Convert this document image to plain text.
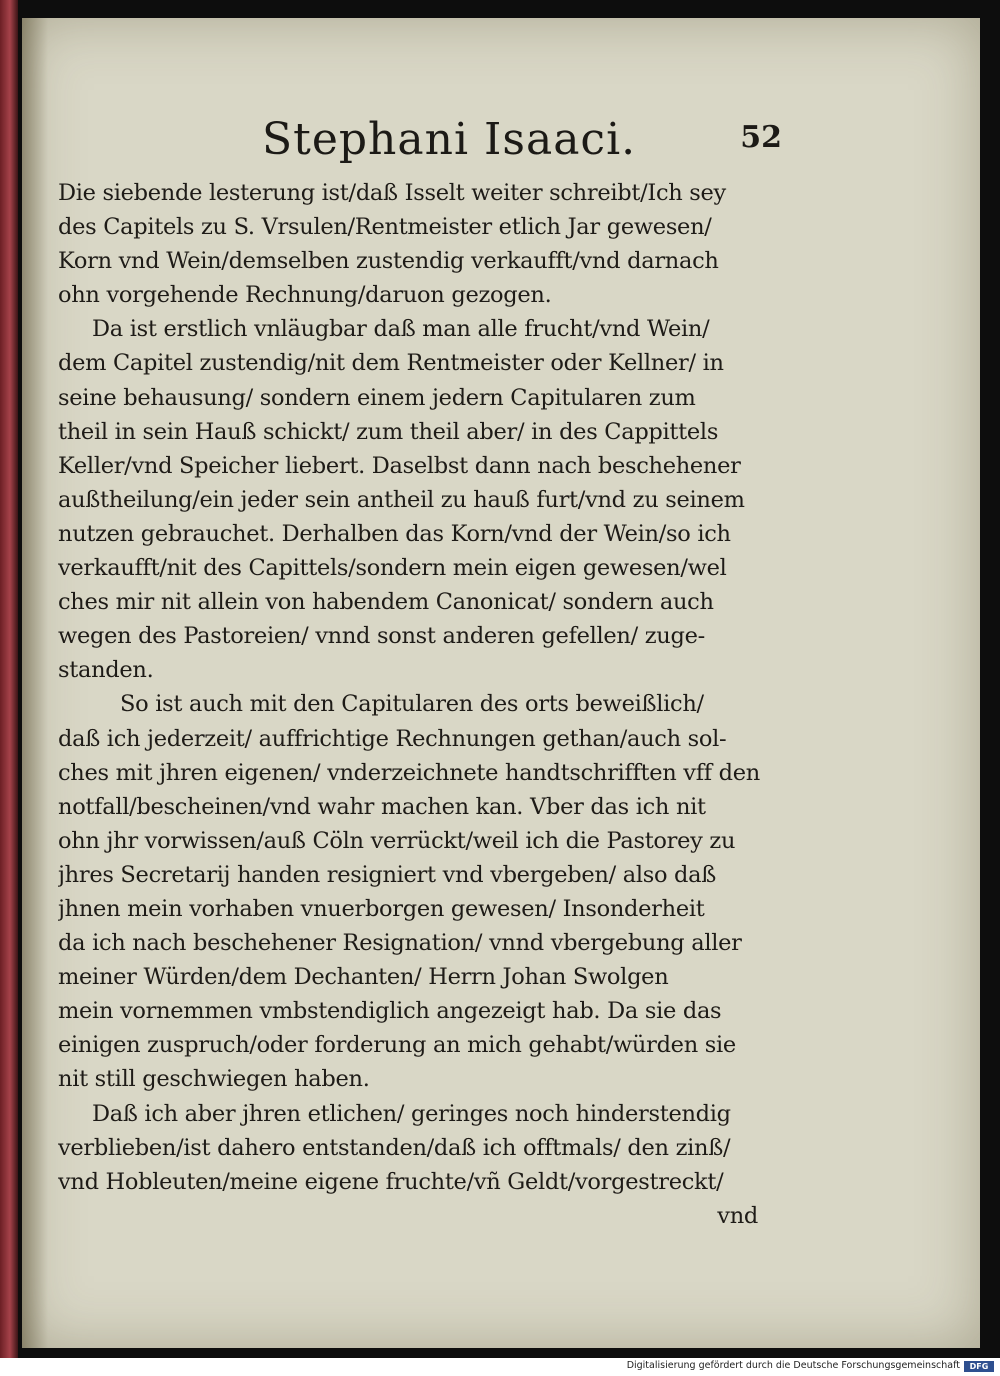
Stephani Isaaci.	52
Die siebende lesterung ist/daß Isselt weiter schreibt/Ich sey
des Capitels zu S. Vrsulen/Rentmeister etlich Jar gewesen/
Korn vnd Wein/demselben zustendig verkaufft/vnd darnach
ohn vorgehende Rechnung/daruon gezogen.
Da ist erstlich vnläugbar daß man alle frucht/vnd Wein/
dem Capitel zustendig/nit dem Rentmeister oder Kellner/ in
seine behausung/ sondern einem jedern Capitularen zum
theil in sein Hauß schickt/ zum theil aber/ in des Cappittels
Keller/vnd Speicher liebert. Daselbst dann nach beschehener
außtheilung/ein jeder sein antheil zu hauß furt/vnd zu seinem
nutzen gebrauchet. Derhalben das Korn/vnd der Wein/so ich
verkaufft/nit des Capittels/sondern mein eigen gewesen/wel
ches mir nit allein von habendem Canonicat/ sondern auch
wegen des Pastoreien/ vnnd sonst anderen gefellen/ zuge-
standen.
So ist auch mit den Capitularen des orts beweißlich/
daß ich jederzeit/ auffrichtige Rechnungen gethan/auch sol-
ches mit jhren eigenen/ vnderzeichnete handtschrifften vff den
notfall/bescheinen/vnd wahr machen kan. Vber das ich nit
ohn jhr vorwissen/auß Cöln verrückt/weil ich die Pastorey zu
jhres Secretarij handen resigniert vnd vbergeben/ also daß
jhnen mein vorhaben vnuerborgen gewesen/ Insonderheit
da ich nach beschehener Resignation/ vnnd vbergebung aller
meiner Würden/dem Dechanten/ Herrn Johan Swolgen
mein vornemmen vmbstendiglich angezeigt hab. Da sie das
einigen zuspruch/oder forderung an mich gehabt/würden sie
nit still geschwiegen haben.
Daß ich aber jhren etlichen/ geringes noch hinderstendig
verblieben/ist dahero entstanden/daß ich offtmals/ den zinß/
vnd Hobleuten/meine eigene fruchte/vñ Geldt/vorgestreckt/
vnd
Digitalisierung gefördert durch die Deutsche Forschungsgemeinschaft	DFG
